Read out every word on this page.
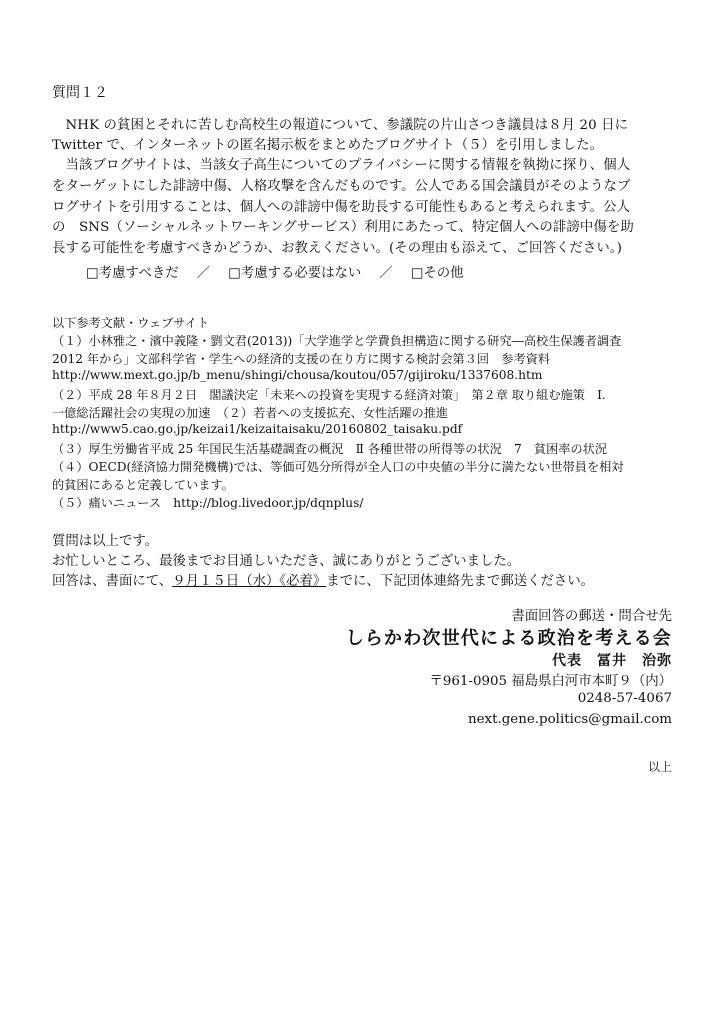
質問１２
　NHK の貧困とそれに苦しむ高校生の報道について、参議院の片山さつき議員は８月 20 日に
Twitter で、インターネットの匿名掲示板をまとめたブログサイト（５）を引用しました。
　当該ブログサイトは、当該女子高生についてのプライバシーに関する情報を執拗に探り、個人
をターゲットにした誹謗中傷、人格攻撃を含んだものです。公人である国会議員がそのようなブ
ログサイトを引用することは、個人への誹謗中傷を助長する可能性もあると考えられます。公人
の　SNS（ソーシャルネットワーキングサービス）利用にあたって、特定個人への誹謗中傷を助
長する可能性を考慮すべきかどうか、お教えください。(その理由も添えて、ご回答ください。)
□考慮すべきだ ／ □考慮する必要はない ／ □その他
以下参考文献・ウェブサイト
（１）小林雅之・濱中義隆・劉文君(2013))「大学進学と学費負担構造に関する研究―高校生保護者調査
2012 年から」文部科学省・学生への経済的支援の在り方に関する検討会第３回　参考資料
http://www.mext.go.jp/b_menu/shingi/chousa/koutou/057/gijiroku/1337608.htm
（２）平成 28 年８月２日　閣議決定「未来への投資を実現する経済対策」　第２章 取り組む施策　Ⅰ.
一億総活躍社会の実現の加速　（２）若者への支援拡充、女性活躍の推進
http://www5.cao.go.jp/keizai1/keizaitaisaku/20160802_taisaku.pdf
（３）厚生労働省平成 25 年国民生活基礎調査の概況　Ⅱ 各種世帯の所得等の状況　7　貧困率の状況
（４）OECD(経済協力開発機構)では、等価可処分所得が全人口の中央値の半分に満たない世帯員を相対
的貧困にあると定義しています。
（５）痛いニュース　http://blog.livedoor.jp/dqnplus/
質問は以上です。
お忙しいところ、最後までお目通しいただき、誠にありがとうございました。
回答は、書面にて、９月１５日（水）《必着》までに、下記団体連絡先まで郵送ください。
書面回答の郵送・問合せ先
しらかわ次世代による政治を考える会
代表　冨井　治弥
〒961-0905 福島県白河市本町９（内）
0248-57-4067
next.gene.politics@gmail.com
以上
